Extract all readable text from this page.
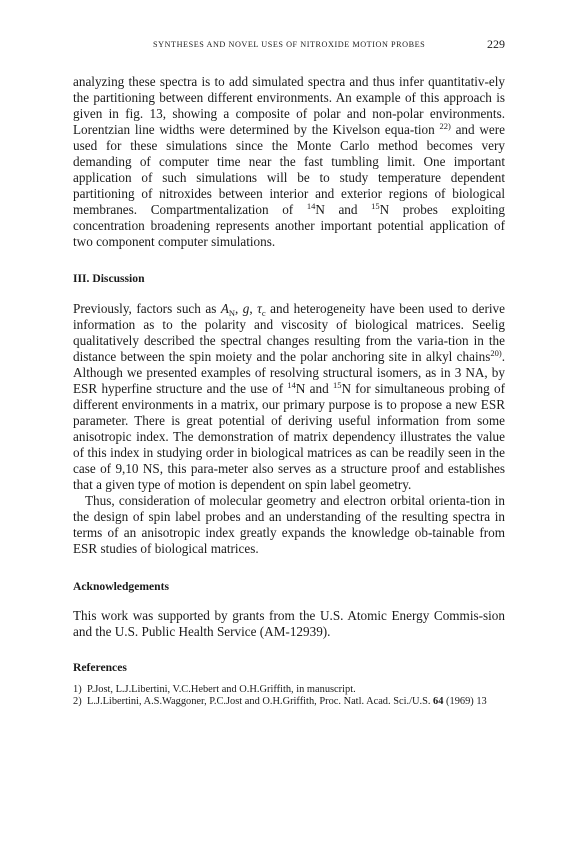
SYNTHESES AND NOVEL USES OF NITROXIDE MOTION PROBES	229

analyzing these spectra is to add simulated spectra and thus infer quantitativ-ely the partitioning between different environments. An example of this approach is given in fig. 13, showing a composite of polar and non-polar environments. Lorentzian line widths were determined by the Kivelson equa-tion $^{22)}$ and were used for these simulations since the Monte Carlo method becomes very demanding of computer time near the fast tumbling limit. One important application of such simulations will be to study temperature dependent partitioning of nitroxides between interior and exterior regions of biological membranes. Compartmentalization of $^{14}$N and $^{15}$N probes exploiting concentration broadening represents another important potential application of two component computer simulations.

III. Discussion

Previously, factors such as $A_N$, g, $\tau_c$ and heterogeneity have been used to derive information as to the polarity and viscosity of biological matrices. Seelig qualitatively described the spectral changes resulting from the varia-tion in the distance between the spin moiety and the polar anchoring site in alkyl chains$^{20)}$. Although we presented examples of resolving structural isomers, as in 3 NA, by ESR hyperfine structure and the use of $^{14}$N and $^{15}$N for simultaneous probing of different environments in a matrix, our primary purpose is to propose a new ESR parameter. There is great potential of deriving useful information from some anisotropic index. The demonstration of matrix dependency illustrates the value of this index in studying order in biological matrices as can be readily seen in the case of 9,10 NS, this para-meter also serves as a structure proof and establishes that a given type of motion is dependent on spin label geometry.

Thus, consideration of molecular geometry and electron orbital orienta-tion in the design of spin label probes and an understanding of the resulting spectra in terms of an anisotropic index greatly expands the knowledge ob-tainable from ESR studies of biological matrices.

Acknowledgements

This work was supported by grants from the U.S. Atomic Energy Commis-sion and the U.S. Public Health Service (AM-12939).

References
1) P.Jost, L.J.Libertini, V.C.Hebert and O.H.Griffith, in manuscript.
2) L.J.Libertini, A.S.Waggoner, P.C.Jost and O.H.Griffith, Proc. Natl. Acad. Sci./U.S. 64 (1969) 13
